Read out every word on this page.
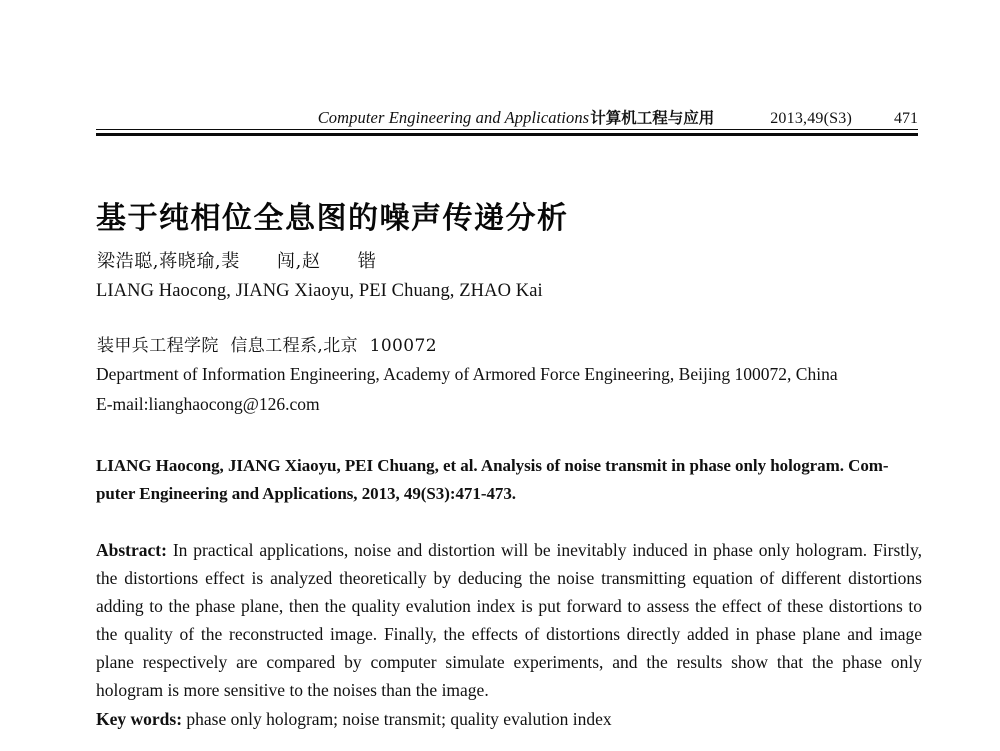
Computer Engineering and Applications 计算机工程与应用	2013,49(S3)	471
基于纯相位全息图的噪声传递分析
梁浩聪,蒋晓瑜,裴　　闯,赵　　锴
LIANG Haocong, JIANG Xiaoyu, PEI Chuang, ZHAO Kai
装甲兵工程学院  信息工程系,北京  100072
Department of Information Engineering, Academy of Armored Force Engineering, Beijing 100072, China
E-mail:lianghaocong@126.com
LIANG Haocong, JIANG Xiaoyu, PEI Chuang, et al. Analysis of noise transmit in phase only hologram. Com-
puter Engineering and Applications, 2013, 49(S3):471-473.
Abstract: In practical applications, noise and distortion will be inevitably induced in phase only hologram. Firstly, the distortions effect is analyzed theoretically by deducing the noise transmitting equation of different distortions adding to the phase plane, then the quality evalution index is put forward to assess the effect of these distortions to the quality of the reconstructed image. Finally, the effects of distortions directly added in phase plane and image plane respectively are compared by computer simulate experiments, and the results show that the phase only hologram is more sensitive to the noises than the image.
Key words: phase only hologram; noise transmit; quality evalution index
